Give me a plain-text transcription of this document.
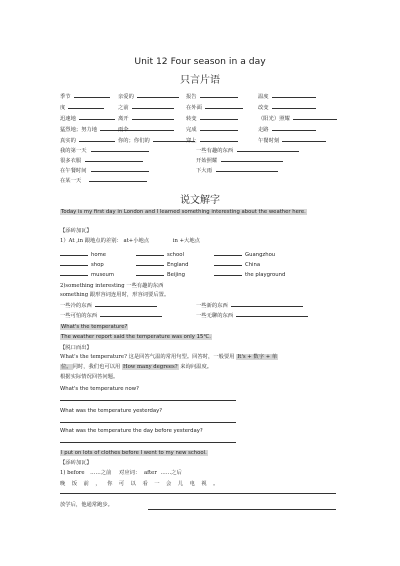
Unit 12 Four season in a day
只言片语
季节	亲爱的	报告	温度
度	之前	在外面	改变
迅速地	离开	转变	（阳光）照耀
猛烈地；努力地	雨伞	完成	走路
真实的	你的；你们的	穿上	午餐时刻
我的第一天	一些有趣的东西
很多衣服	开始照耀
在午餐时间	下大雨
在某一天
说文解字
Today is my first day in London and I learned something interesting about the weather here.
【添砖加瓦】
1）At ,in 跟地点的差别： at+小地点	in +大地点
home	school	Guangzhou
shop	England	China
museum	Beijing	the playground
2)something interesting 一些有趣的东西
something 跟形容词连用时，形容词要后置。
一些冷的东西	一些新的东西
一些可怕的东西	一些无聊的东西
What's the temperature?
The weather report said the temperature was only 15℃.
【脱口而出】
What's the temperature? 这是回答气温的常用句型。回答时，一般要用 It's + 数字 + 单
位。同时，我们也可以用 How many degrees? 来询问温度。
根据实际情况回答问题。
What's the temperature now?
What was the temperature yesterday?
What was the temperature the day before yesterday?
I put on lots of clothes before I went to my new school.
【添砖加瓦】
1) before ……之前 对应词： after ……之后
晚 饭 前 ， 你 可 以 看 一 会 儿 电 视 。
放学后，他通常跑步。
